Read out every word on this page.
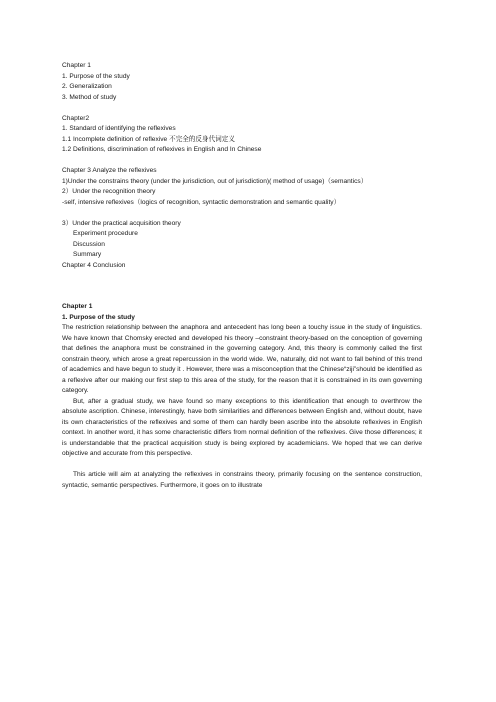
Chapter 1
1. Purpose of the study
2. Generalization
3. Method of study
Chapter2
1. Standard of identifying the reflexives
1.1 Incomplete definition of reflexive 不完全的反身代词定义
1.2 Definitions, discrimination of reflexives in English and In Chinese
Chapter 3 Analyze the reflexives
1)Under the constrains theory (under the jurisdiction, out of jurisdiction)( method of usage)（semantics）
2）Under the recognition theory
-self, intensive reflexives（logics of recognition, syntactic demonstration and semantic quality）
3）Under the practical acquisition theory
Experiment procedure
Discussion
Summary
Chapter 4 Conclusion
Chapter 1
1. Purpose of the study
The restriction relationship between the anaphora and antecedent has long been a touchy issue in the study of linguistics. We have known that Chomsky erected and developed his theory –constraint theory-based on the conception of governing that defines the anaphora must be constrained in the governing category. And, this theory is commonly called the first constrain theory, which arose a great repercussion in the world wide. We, naturally, did not want to fall behind of this trend of academics and have begun to study it . However, there was a misconception that the Chinese“ziji”should be identified as a reflexive after our making our first step to this area of the study, for the reason that it is constrained in its own governing category.
But, after a gradual study, we have found so many exceptions to this identification that enough to overthrow the absolute ascription. Chinese, interestingly, have both similarities and differences between English and, without doubt, have its own characteristics of the reflexives and some of them can hardly been ascribe into the absolute reflexives in English context. In another word, it has some characteristic differs from normal definition of the reflexives. Give those differences; it is understandable that the practical acquisition study is being explored by academicians. We hoped that we can derive objective and accurate from this perspective.
This article will aim at analyzing the reflexives in constrains theory, primarily focusing on the sentence construction, syntactic, semantic perspectives. Furthermore, it goes on to illustrate
